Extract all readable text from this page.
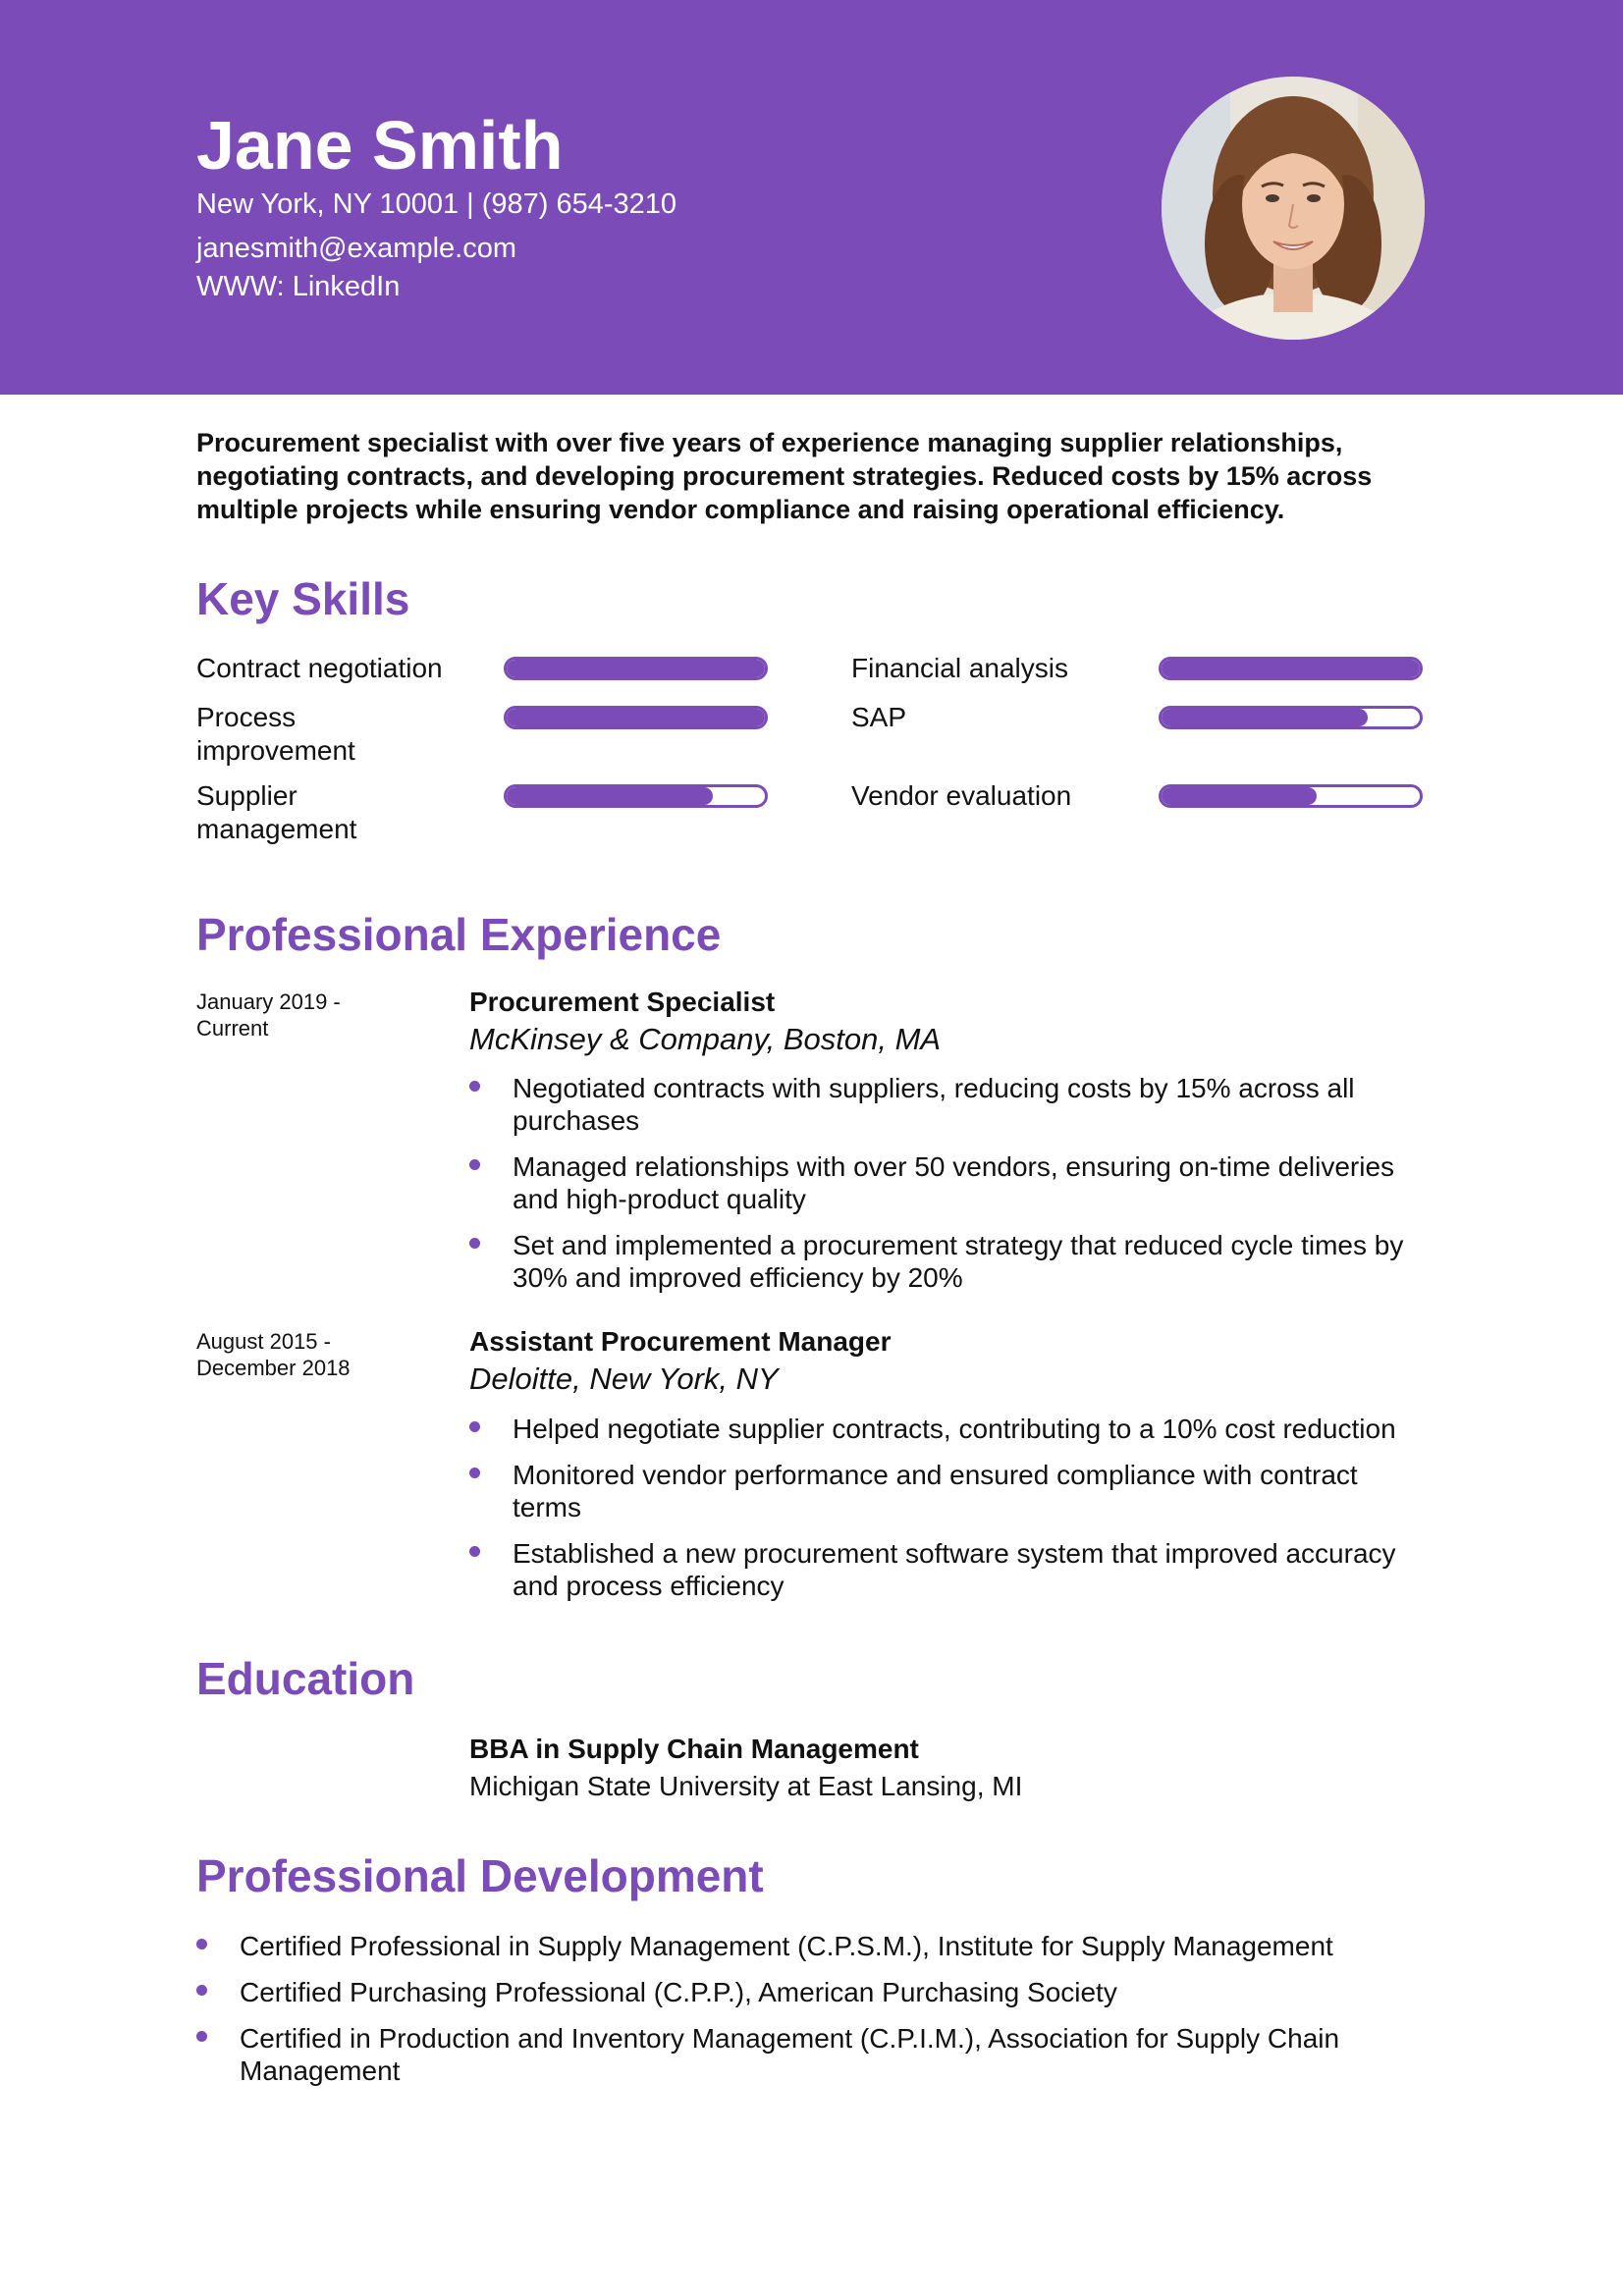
Jane Smith
New York, NY 10001 | (987) 654-3210
janesmith@example.com
WWW: LinkedIn

Procurement specialist with over five years of experience managing supplier relationships, negotiating contracts, and developing procurement strategies. Reduced costs by 15% across multiple projects while ensuring vendor compliance and raising operational efficiency.

Key Skills
Contract negotiation	Financial analysis
Process improvement
SAP
Supplier management
Vendor evaluation
Professional Experience
January 2019 - Current
Procurement Specialist
McKinsey & Company, Boston, MA
Negotiated contracts with suppliers, reducing costs by 15% across all purchases
Managed relationships with over 50 vendors, ensuring on-time deliveries and high-product quality
Set and implemented a procurement strategy that reduced cycle times by 30% and improved efficiency by 20%
August 2015 - December 2018
Assistant Procurement Manager
Deloitte, New York, NY
Helped negotiate supplier contracts, contributing to a 10% cost reduction
Monitored vendor performance and ensured compliance with contract terms
Established a new procurement software system that improved accuracy and process efficiency
Education
BBA in Supply Chain Management
Michigan State University at East Lansing, MI
Professional Development
Certified Professional in Supply Management (C.P.S.M.), Institute for Supply Management
Certified Purchasing Professional (C.P.P.), American Purchasing Society
Certified in Production and Inventory Management (C.P.I.M.), Association for Supply Chain Management
